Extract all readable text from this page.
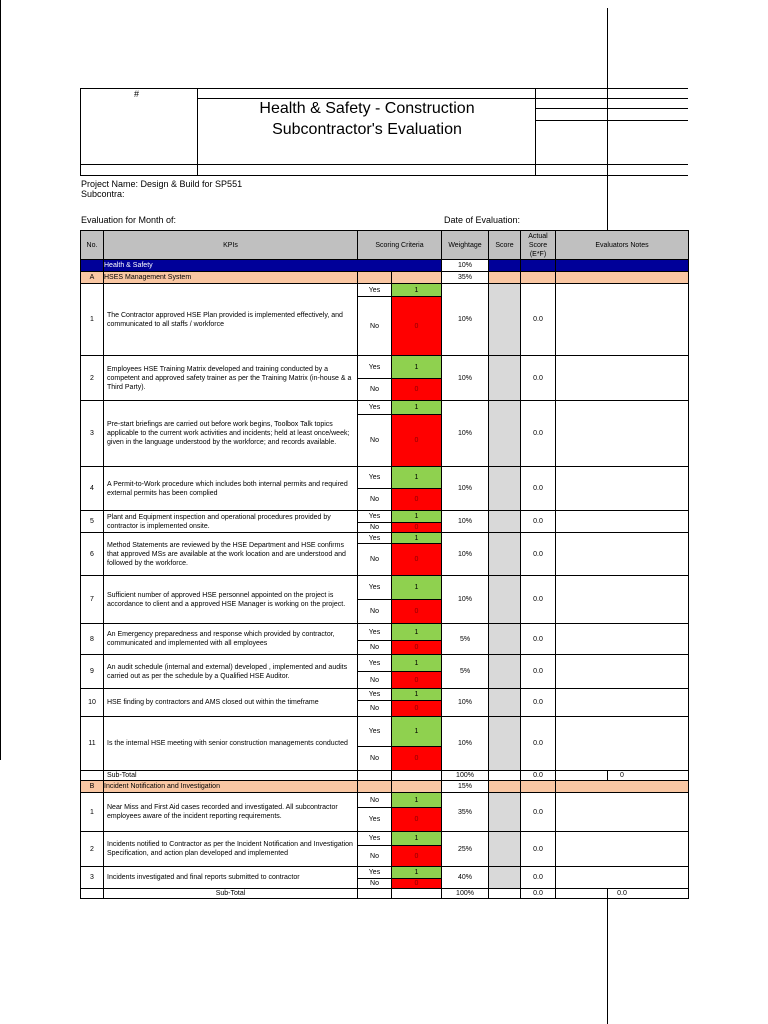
#
Health & Safety - Construction
Subcontractor's Evaluation
Project Name: Design & Build for SP551
Subcontra:
Evaluation for Month of:	Date of Evaluation:
No.	KPIs	Scoring Criteria		Weightage	Score	Actual Score (E*F)	Evaluators Notes
	Health & Safety			10%			
A	HSES Management System			35%			
1	The Contractor approved HSE Plan provided is implemented effectively, and communicated to all staffs / workforce	Yes	1	10%		0.0	
		No	0				
2	Employees HSE Training Matrix developed and training conducted by a competent and approved safety trainer as per the Training Matrix (in-house & a Third Party).	Yes	1	10%		0.0	
		No	0				
3	Pre-start briefings are carried out before work begins, Toolbox Talk topics applicable to the current work activities and incidents; held at least once/week; given in the language understood by the workforce; and records available.	Yes	1	10%		0.0	
		No	0				
4	A Permit-to-Work procedure which includes both internal permits and required external permits has been complied	Yes	1	10%		0.0	
		No	0				
5	Plant and Equipment inspection and operational procedures provided by contractor is implemented onsite.	Yes	1	10%		0.0	
		No	0				
6	Method Statements are reviewed by the HSE Department and HSE confirms that approved MSs are available at the work location and are understood and followed by the workforce.	Yes	1	10%		0.0	
		No	0				
7	Sufficient number of approved HSE personnel appointed on the project is accordance to client and a approved HSE Manager is working on the project.	Yes	1	10%		0.0	
		No	0				
8	An Emergency preparedness and response which provided by contractor, communicated and implemented with all employees	Yes	1	5%		0.0	
		No	0				
9	An audit schedule (internal and external) developed , implemented and audits carried out as per the schedule by a Qualified HSE Auditor.	Yes	1	5%		0.0	
		No	0				
10	HSE finding by contractors and AMS closed out within the timeframe	Yes	1	10%		0.0	
		No	0				
11	Is the internal HSE meeting with senior construction managements conducted	Yes	1	10%		0.0	
		No	0				
	Sub-Total			100%		0.0	0
B	Incident Notification and Investigation			15%			
1	Near Miss and First Aid cases recorded and investigated. All subcontractor employees aware of the incident reporting requirements.	No	1	35%		0.0	
		Yes	0				
2	Incidents notified to Contractor as per the Incident Notification and Investigation Specification, and action plan developed and implemented	Yes	1	25%		0.0	
		No	0				
3	Incidents investigated and final reports submitted to contractor	Yes	1	40%		0.0	
		No	0				
	Sub-Total			100%		0.0	0.0
